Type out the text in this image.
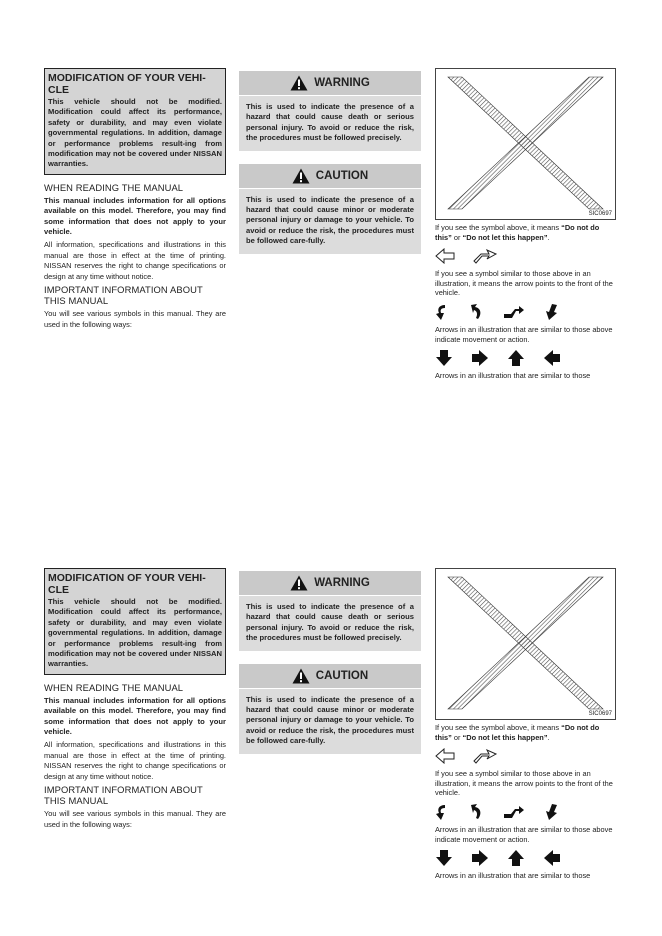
MODIFICATION OF YOUR VEHI-CLE
This vehicle should not be modified. Modification could affect its performance, safety or durability, and may even violate governmental regulations. In addition, damage or performance problems result-ing from modification may not be covered under NISSAN warranties.
WHEN READING THE MANUAL
This manual includes information for all options available on this model. Therefore, you may find some information that does not apply to your vehicle.
All information, specifications and illustrations in this manual are those in effect at the time of printing. NISSAN reserves the right to change specifications or design at any time without notice.
IMPORTANT INFORMATION ABOUT THIS MANUAL
You will see various symbols in this manual. They are used in the following ways:
WARNING
This is used to indicate the presence of a hazard that could cause death or serious personal injury. To avoid or reduce the risk, the procedures must be followed precisely.
CAUTION
This is used to indicate the presence of a hazard that could cause minor or moderate personal injury or damage to your vehicle. To avoid or reduce the risk, the procedures must be followed care-fully.
SIC0697
If you see the symbol above, it means “Do not do this” or “Do not let this happen”.
If you see a symbol similar to those above in an illustration, it means the arrow points to the front of the vehicle.
Arrows in an illustration that are similar to those above indicate movement or action.
Arrows in an illustration that are similar to those
MODIFICATION OF YOUR VEHI-CLE
This vehicle should not be modified. Modification could affect its performance, safety or durability, and may even violate governmental regulations. In addition, damage or performance problems result-ing from modification may not be covered under NISSAN warranties.
WHEN READING THE MANUAL
This manual includes information for all options available on this model. Therefore, you may find some information that does not apply to your vehicle.
All information, specifications and illustrations in this manual are those in effect at the time of printing. NISSAN reserves the right to change specifications or design at any time without notice.
IMPORTANT INFORMATION ABOUT THIS MANUAL
You will see various symbols in this manual. They are used in the following ways:
WARNING
This is used to indicate the presence of a hazard that could cause death or serious personal injury. To avoid or reduce the risk, the procedures must be followed precisely.
CAUTION
This is used to indicate the presence of a hazard that could cause minor or moderate personal injury or damage to your vehicle. To avoid or reduce the risk, the procedures must be followed care-fully.
SIC0697
If you see the symbol above, it means “Do not do this” or “Do not let this happen”.
If you see a symbol similar to those above in an illustration, it means the arrow points to the front of the vehicle.
Arrows in an illustration that are similar to those above indicate movement or action.
Arrows in an illustration that are similar to those
